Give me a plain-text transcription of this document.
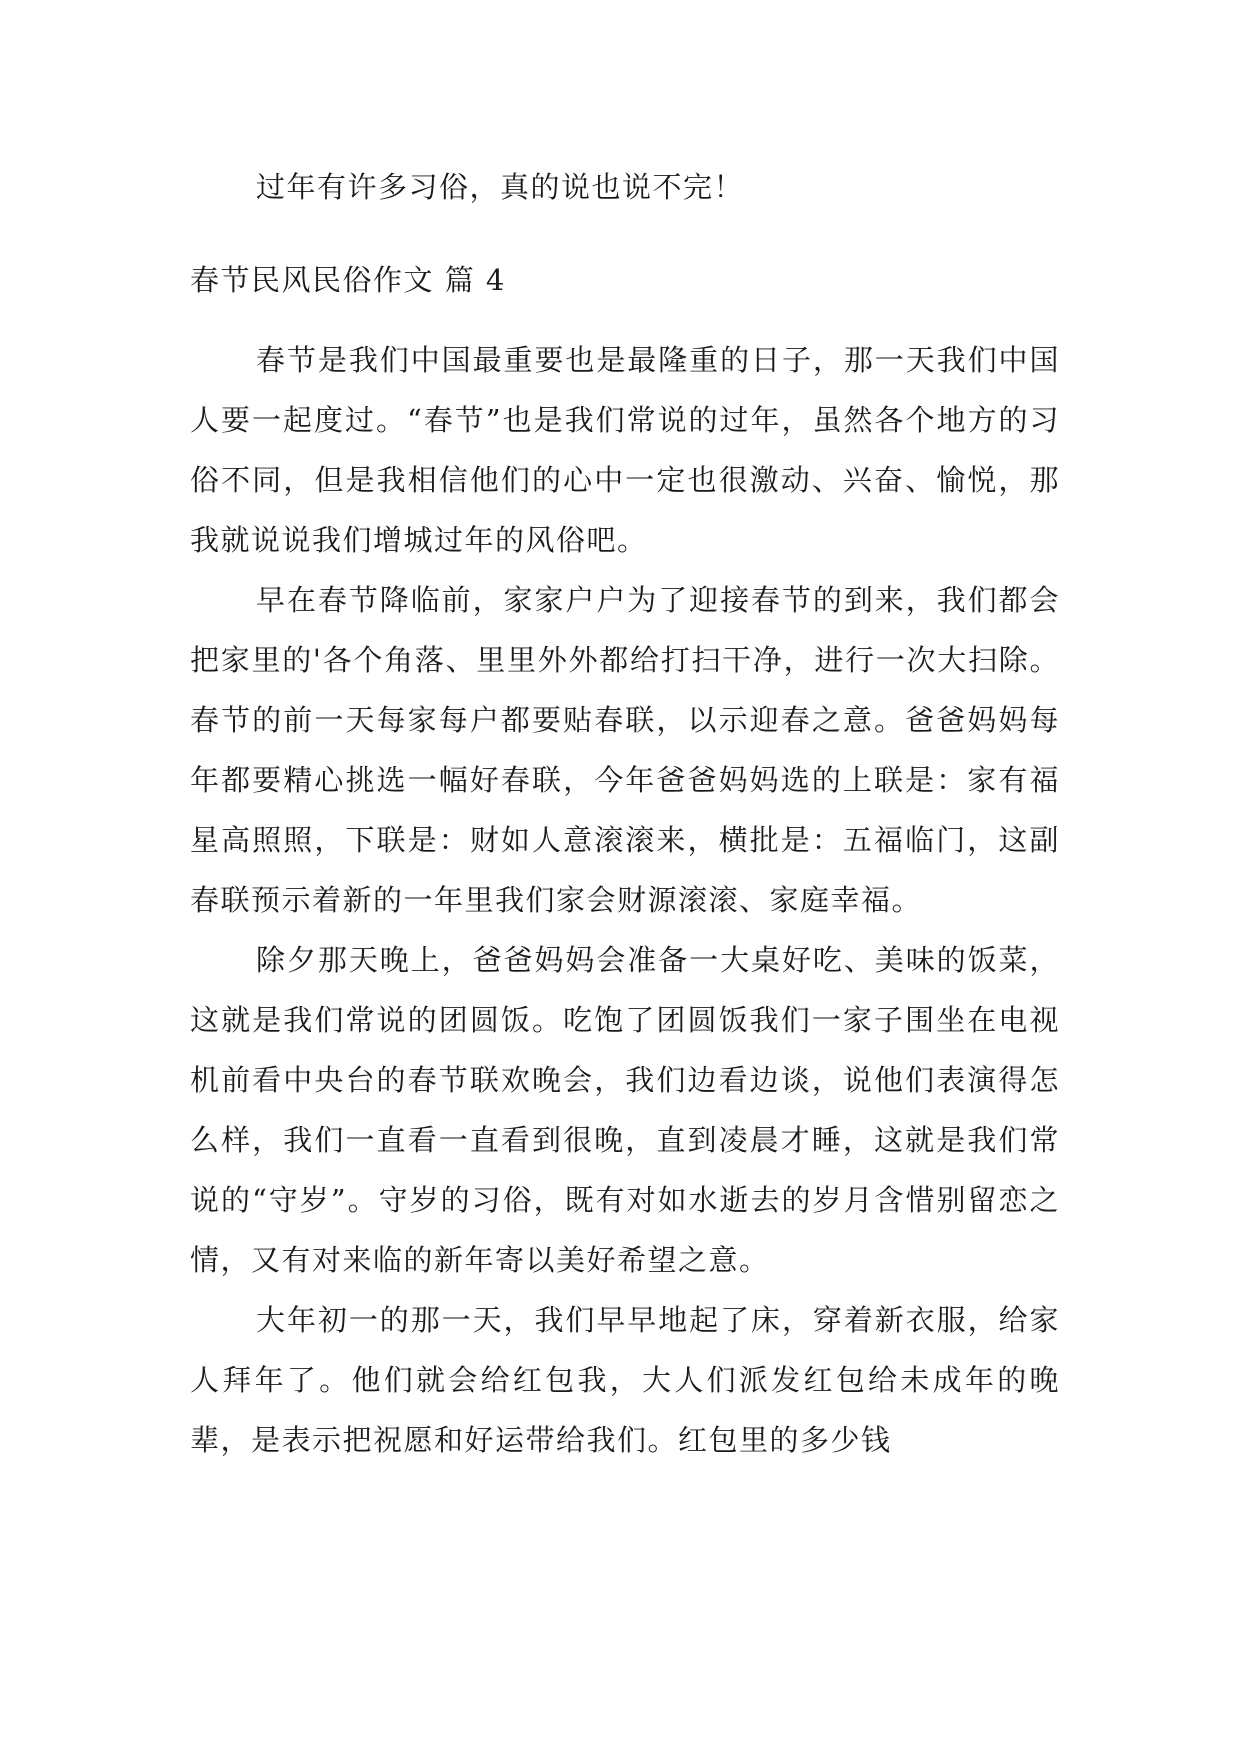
过年有许多习俗，真的说也说不完！
春节民风民俗作文 篇 4

春节是我们中国最重要也是最隆重的日子，那一天我们中国人要一起度过。“春节”也是我们常说的过年，虽然各个地方的习俗不同，但是我相信他们的心中一定也很激动、兴奋、愉悦，那我就说说我们增城过年的风俗吧。

早在春节降临前，家家户户为了迎接春节的到来，我们都会把家里的'各个角落、里里外外都给打扫干净，进行一次大扫除。春节的前一天每家每户都要贴春联，以示迎春之意。爸爸妈妈每年都要精心挑选一幅好春联，今年爸爸妈妈选的上联是：家有福星高照照，下联是：财如人意滚滚来，横批是：五福临门，这副春联预示着新的一年里我们家会财源滚滚、家庭幸福。

除夕那天晚上，爸爸妈妈会准备一大桌好吃、美味的饭菜，这就是我们常说的团圆饭。吃饱了团圆饭我们一家子围坐在电视机前看中央台的春节联欢晚会，我们边看边谈，说他们表演得怎么样，我们一直看一直看到很晚，直到凌晨才睡，这就是我们常说的“守岁”。守岁的习俗，既有对如水逝去的岁月含惜别留恋之情，又有对来临的新年寄以美好希望之意。

大年初一的那一天，我们早早地起了床，穿着新衣服，给家人拜年了。他们就会给红包我，大人们派发红包给未成年的晚辈，是表示把祝愿和好运带给我们。红包里的多少钱
